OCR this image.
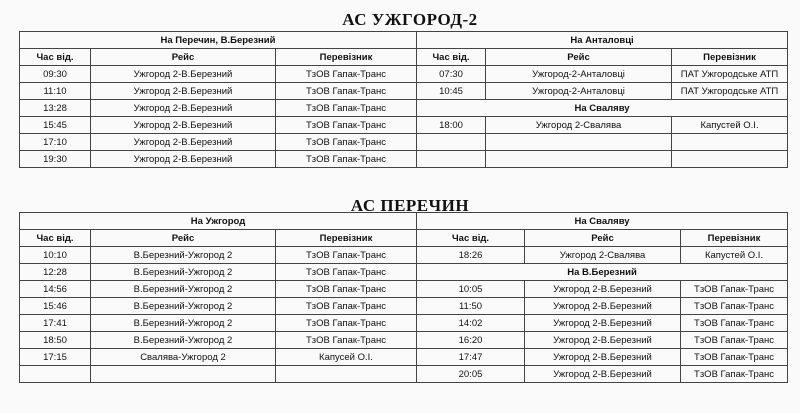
АС УЖГОРОД-2
АС ПЕРЕЧИН
На Перечин, В.Березний			На Анталовці		
Час від.	Рейс	Перевізник	Час від.	Рейс	Перевізник
09:30	Ужгород 2-В.Березний	ТзОВ Гапак-Транс	07:30	Ужгород-2-Анталовці	ПАТ Ужгородське АТП
11:10	Ужгород 2-В.Березний	ТзОВ Гапак-Транс	10:45	Ужгород-2-Анталовці	ПАТ Ужгородське АТП
13:28	Ужгород 2-В.Березний	ТзОВ Гапак-Транс	На Сваляву		
15:45	Ужгород 2-В.Березний	ТзОВ Гапак-Транс	18:00	Ужгород 2-Свалява	Капустей О.І.
17:10	Ужгород 2-В.Березний	ТзОВ Гапак-Транс			
19:30	Ужгород 2-В.Березний	ТзОВ Гапак-Транс			
На Ужгород			На Сваляву		
Час від.	Рейс	Перевізник	Час від.	Рейс	Перевізник
10:10	В.Березний-Ужгород 2	ТзОВ Гапак-Транс	18:26	Ужгород 2-Свалява	Капустей О.І.
12:28	В.Березний-Ужгород 2	ТзОВ Гапак-Транс	На В.Березний		
14:56	В.Березний-Ужгород 2	ТзОВ Гапак-Транс	10:05	Ужгород 2-В.Березний	ТзОВ Гапак-Транс
15:46	В.Березний-Ужгород 2	ТзОВ Гапак-Транс	11:50	Ужгород 2-В.Березний	ТзОВ Гапак-Транс
17:41	В.Березний-Ужгород 2	ТзОВ Гапак-Транс	14:02	Ужгород 2-В.Березний	ТзОВ Гапак-Транс
18:50	В.Березний-Ужгород 2	ТзОВ Гапак-Транс	16:20	Ужгород 2-В.Березний	ТзОВ Гапак-Транс
17:15	Свалява-Ужгород 2	Капусей О.І.	17:47	Ужгород 2-В.Березний	ТзОВ Гапак-Транс
			20:05	Ужгород 2-В.Березний	ТзОВ Гапак-Транс
